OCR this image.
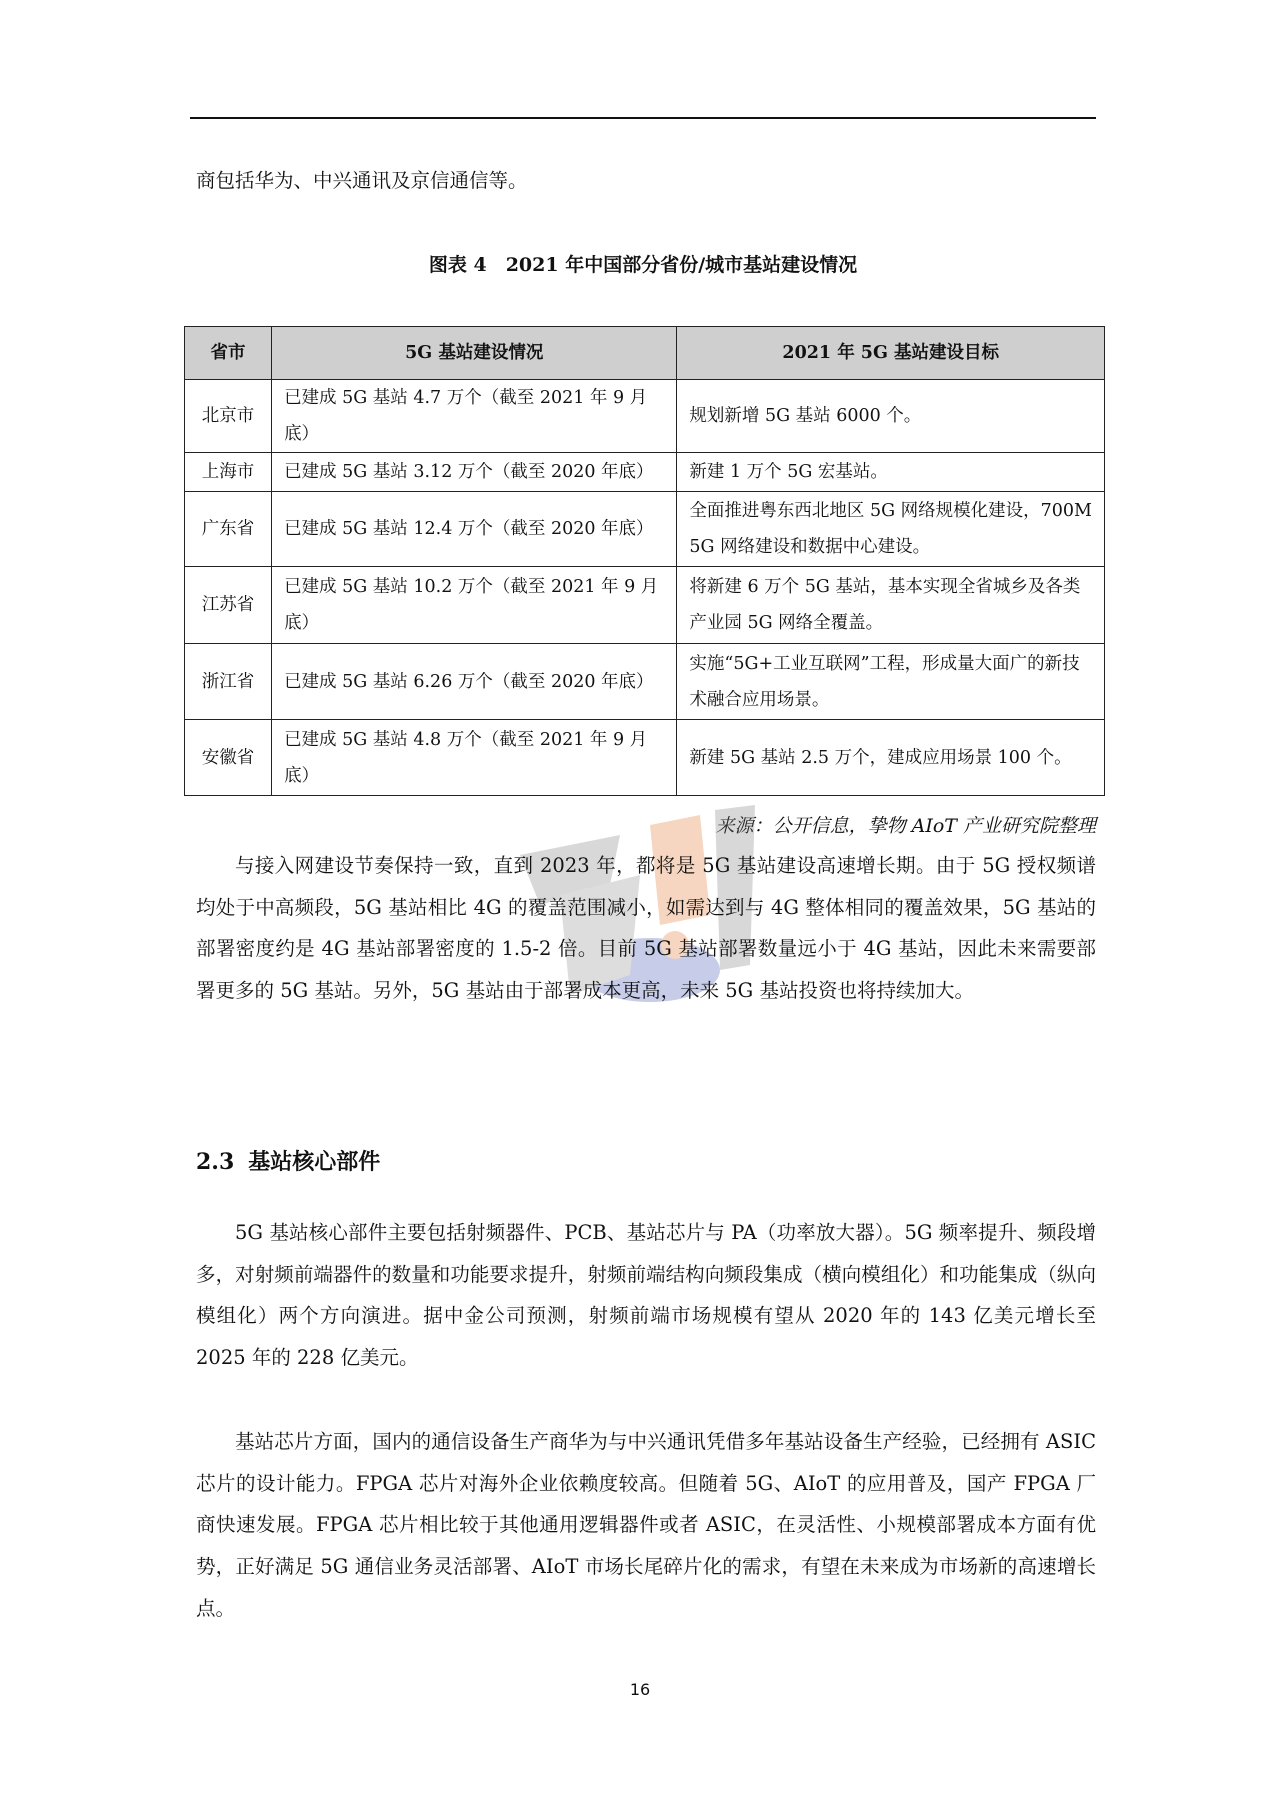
商包括华为、中兴通讯及京信通信等。
图表 4　2021 年中国部分省份/城市基站建设情况
省市	5G 基站建设情况	2021 年 5G 基站建设目标
北京市	已建成 5G 基站 4.7 万个（截至 2021 年 9 月底）	规划新增 5G 基站 6000 个。
上海市	已建成 5G 基站 3.12 万个（截至 2020 年底）	新建 1 万个 5G 宏基站。
广东省	已建成 5G 基站 12.4 万个（截至 2020 年底）	全面推进粤东西北地区 5G 网络规模化建设，700M 5G 网络建设和数据中心建设。
江苏省	已建成 5G 基站 10.2 万个（截至 2021 年 9 月底）	将新建 6 万个 5G 基站，基本实现全省城乡及各类产业园 5G 网络全覆盖。
浙江省	已建成 5G 基站 6.26 万个（截至 2020 年底）	实施“5G+工业互联网”工程，形成量大面广的新技术融合应用场景。
安徽省	已建成 5G 基站 4.8 万个（截至 2021 年 9 月底）	新建 5G 基站 2.5 万个，建成应用场景 100 个。
来源：公开信息，挚物 AIoT 产业研究院整理
与接入网建设节奏保持一致，直到 2023 年，都将是 5G 基站建设高速增长期。由于 5G 授权频谱均处于中高频段，5G 基站相比 4G 的覆盖范围减小，如需达到与 4G 整体相同的覆盖效果，5G 基站的部署密度约是 4G 基站部署密度的 1.5-2 倍。目前 5G 基站部署数量远小于 4G 基站，因此未来需要部署更多的 5G 基站。另外，5G 基站由于部署成本更高，未来 5G 基站投资也将持续加大。
2.3 基站核心部件
5G 基站核心部件主要包括射频器件、PCB、基站芯片与 PA（功率放大器）。5G 频率提升、频段增多，对射频前端器件的数量和功能要求提升，射频前端结构向频段集成（横向模组化）和功能集成（纵向模组化）两个方向演进。据中金公司预测，射频前端市场规模有望从 2020 年的 143 亿美元增长至 2025 年的 228 亿美元。
基站芯片方面，国内的通信设备生产商华为与中兴通讯凭借多年基站设备生产经验，已经拥有 ASIC 芯片的设计能力。FPGA 芯片对海外企业依赖度较高。但随着 5G、AIoT 的应用普及，国产 FPGA 厂商快速发展。FPGA 芯片相比较于其他通用逻辑器件或者 ASIC，在灵活性、小规模部署成本方面有优势，正好满足 5G 通信业务灵活部署、AIoT 市场长尾碎片化的需求，有望在未来成为市场新的高速增长点。
16
